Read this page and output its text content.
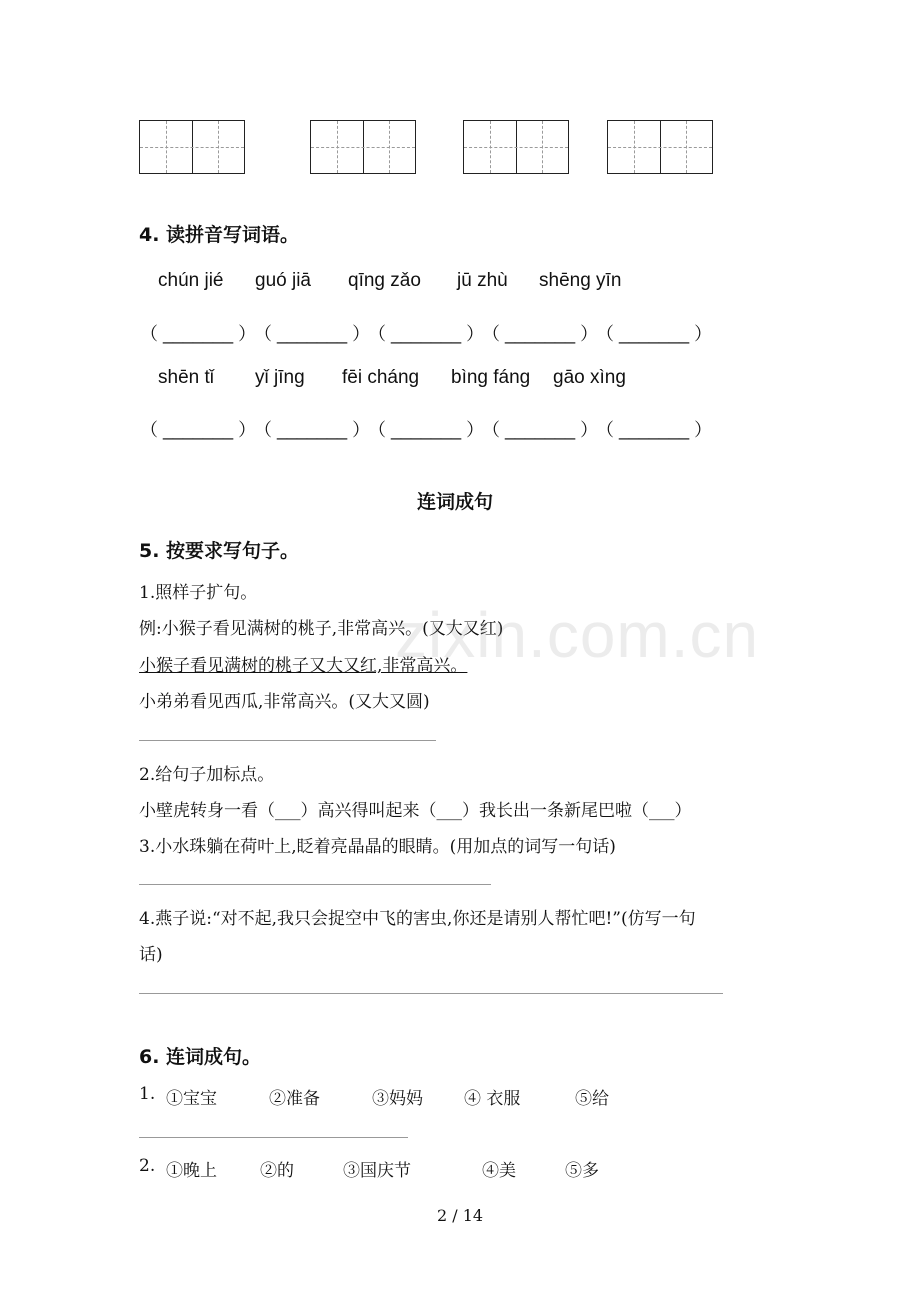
4. 读拼音写词语。
chún jié guó jiā qīng zǎo jū zhù shēng yīn
（ _______ ）
（ _______ ）
（ _______ ）
（ _______ ）
（ _______ ）
shēn tǐ yǐ jīng fēi cháng bìng fáng gāo xìng
（ _______ ）
（ _______ ）
（ _______ ）
（ _______ ）
（ _______ ）
连词成句
5. 按要求写句子。
1.照样子扩句。
例:小猴子看见满树的桃子,非常高兴。(又大又红)
小猴子看见满树的桃子又大又红,非常高兴。
小弟弟看见西瓜,非常高兴。(又大又圆)
2.给句子加标点。
小壁虎转身一看（___）高兴得叫起来（___）我长出一条新尾巴啦（___）
3.小水珠躺在荷叶上,眨着亮晶晶的眼睛。(用加点的词写一句话)
4.燕子说:“对不起,我只会捉空中飞的害虫,你还是请别人帮忙吧!”(仿写一句
话)
6. 连词成句。
1. ①宝宝	②准备	③妈妈 ④ 衣服	⑤给
2. ①晚上	②的	③国庆节	④美	⑤多
zixin.com.cn
2 / 14
